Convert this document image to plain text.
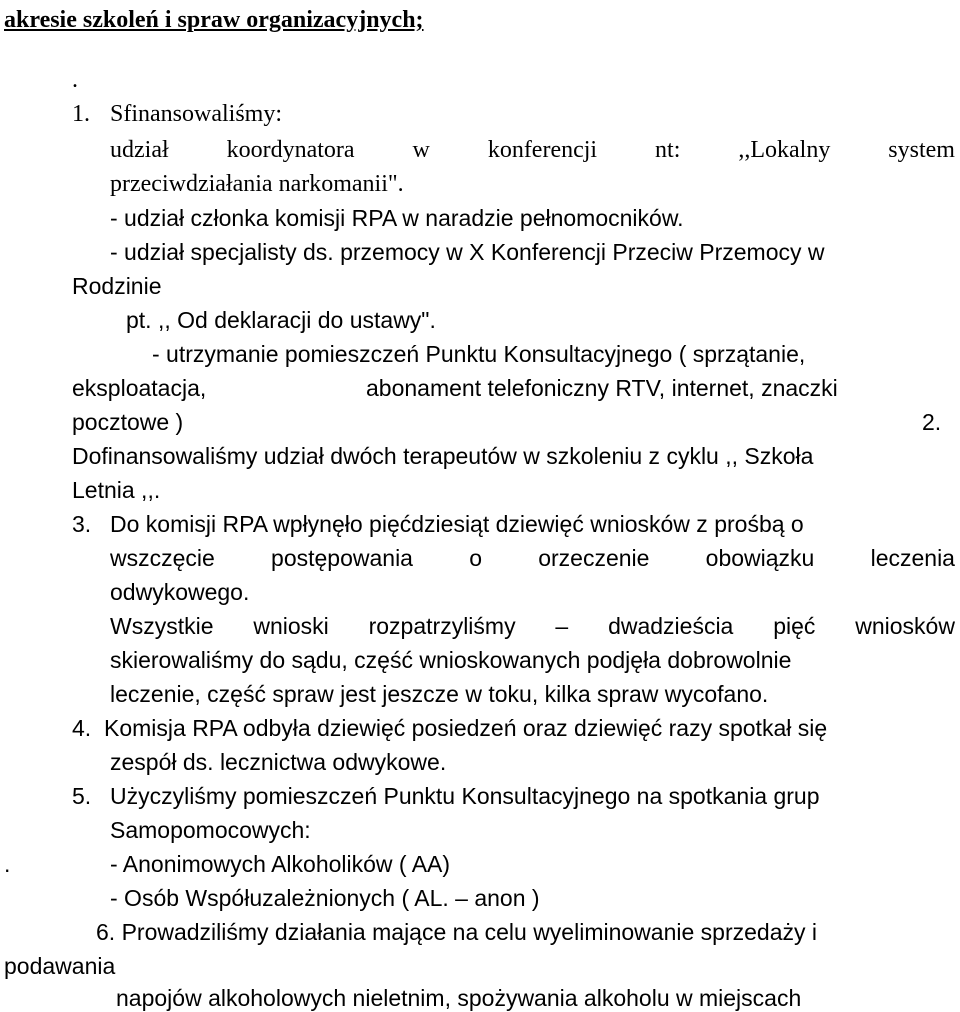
akresie szkoleń i spraw organizacyjnych;
.
1. Sfinansowaliśmy:
udział koordynatora w konferencji nt: ,,Lokalny system
przeciwdziałania narkomanii".
- udział członka komisji RPA w naradzie pełnomocników.
- udział specjalisty ds. przemocy w X Konferencji Przeciw Przemocy w
Rodzinie
pt. ,, Od deklaracji do ustawy".
- utrzymanie pomieszczeń Punktu Konsultacyjnego ( sprzątanie,
eksploatacja,	abonament telefoniczny RTV, internet, znaczki
pocztowe )	2.
Dofinansowaliśmy udział dwóch terapeutów w szkoleniu z cyklu ,, Szkoła
Letnia ,,.
3. Do komisji RPA wpłynęło pięćdziesiąt dziewięć wniosków z prośbą o
wszczęcie postępowania o orzeczenie obowiązku leczenia
odwykowego.
Wszystkie wnioski rozpatrzyliśmy – dwadzieścia pięć wniosków
skierowaliśmy do sądu, część wnioskowanych podjęła dobrowolnie
leczenie, część spraw jest jeszcze w toku, kilka spraw wycofano.
4. Komisja RPA odbyła dziewięć posiedzeń oraz dziewięć razy spotkał się
zespół ds. lecznictwa odwykowe.
5. Użyczyliśmy pomieszczeń Punktu Konsultacyjnego na spotkania grup
Samopomocowych:
.	- Anonimowych Alkoholików ( AA)
- Osób Współuzależnionych ( AL. – anon )
6. Prowadziliśmy działania mające na celu wyeliminowanie sprzedaży i
podawania
napojów alkoholowych nieletnim, spożywania alkoholu w miejscach
